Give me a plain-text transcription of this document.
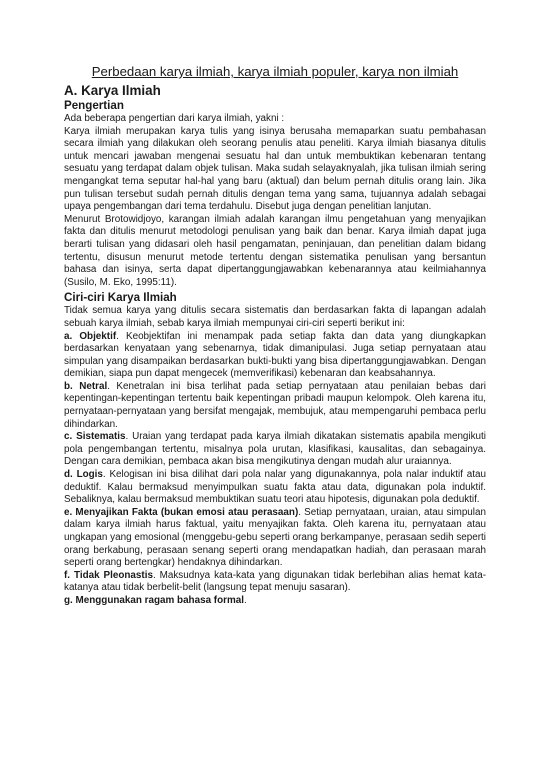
Perbedaan karya ilmiah, karya ilmiah populer, karya non ilmiah
A. Karya Ilmiah
Pengertian

Ada beberapa pengertian dari karya ilmiah, yakni :

Karya ilmiah merupakan karya tulis yang isinya berusaha memaparkan suatu pembahasan secara ilmiah yang dilakukan oleh seorang penulis atau peneliti. Karya ilmiah biasanya ditulis untuk mencari jawaban mengenai sesuatu hal dan untuk membuktikan kebenaran tentang sesuatu yang terdapat dalam objek tulisan. Maka sudah selayaknyalah, jika tulisan ilmiah sering mengangkat tema seputar hal-hal yang baru (aktual) dan belum pernah ditulis orang lain. Jika pun tulisan tersebut sudah pernah ditulis dengan tema yang sama, tujuannya adalah sebagai upaya pengembangan dari tema terdahulu. Disebut juga dengan penelitian lanjutan.

Menurut Brotowidjoyo, karangan ilmiah adalah karangan ilmu pengetahuan yang menyajikan fakta dan ditulis menurut metodologi penulisan yang baik dan benar. Karya ilmiah dapat juga berarti tulisan yang didasari oleh hasil pengamatan, peninjauan, dan penelitian dalam bidang tertentu, disusun menurut metode tertentu dengan sistematika penulisan yang bersantun bahasa dan isinya, serta dapat dipertanggungjawabkan kebenarannya atau keilmiahannya (Susilo, M. Eko, 1995:11).

Ciri-ciri Karya Ilmiah

Tidak semua karya yang ditulis secara sistematis dan berdasarkan fakta di lapangan adalah sebuah karya ilmiah, sebab karya ilmiah mempunyai ciri-ciri seperti berikut ini:

a. Objektif. Keobjektifan ini menampak pada setiap fakta dan data yang diungkapkan berdasarkan kenyataan yang sebenarnya, tidak dimanipulasi. Juga setiap pernyataan atau simpulan yang disampaikan berdasarkan bukti-bukti yang bisa dipertanggungjawabkan. Dengan demikian, siapa pun dapat mengecek (memverifikasi) kebenaran dan keabsahannya.

b. Netral. Kenetralan ini bisa terlihat pada setiap pernyataan atau penilaian bebas dari kepentingan-kepentingan tertentu baik kepentingan pribadi maupun kelompok. Oleh karena itu, pernyataan-pernyataan yang bersifat mengajak, membujuk, atau mempengaruhi pembaca perlu dihindarkan.

c. Sistematis. Uraian yang terdapat pada karya ilmiah dikatakan sistematis apabila mengikuti pola pengembangan tertentu, misalnya pola urutan, klasifikasi, kausalitas, dan sebagainya. Dengan cara demikian, pembaca akan bisa mengikutinya dengan mudah alur uraiannya.

d. Logis. Kelogisan ini bisa dilihat dari pola nalar yang digunakannya, pola nalar induktif atau deduktif. Kalau bermaksud menyimpulkan suatu fakta atau data, digunakan pola induktif. Sebaliknya, kalau bermaksud membuktikan suatu teori atau hipotesis, digunakan pola deduktif.

e. Menyajikan Fakta (bukan emosi atau perasaan). Setiap pernyataan, uraian, atau simpulan dalam karya ilmiah harus faktual, yaitu menyajikan fakta. Oleh karena itu, pernyataan atau ungkapan yang emosional (menggebu-gebu seperti orang berkampanye, perasaan sedih seperti orang berkabung, perasaan senang seperti orang mendapatkan hadiah, dan perasaan marah seperti orang bertengkar) hendaknya dihindarkan.

f. Tidak Pleonastis. Maksudnya kata-kata yang digunakan tidak berlebihan alias hemat kata-katanya atau tidak berbelit-belit (langsung tepat menuju sasaran).

g. Menggunakan ragam bahasa formal.
